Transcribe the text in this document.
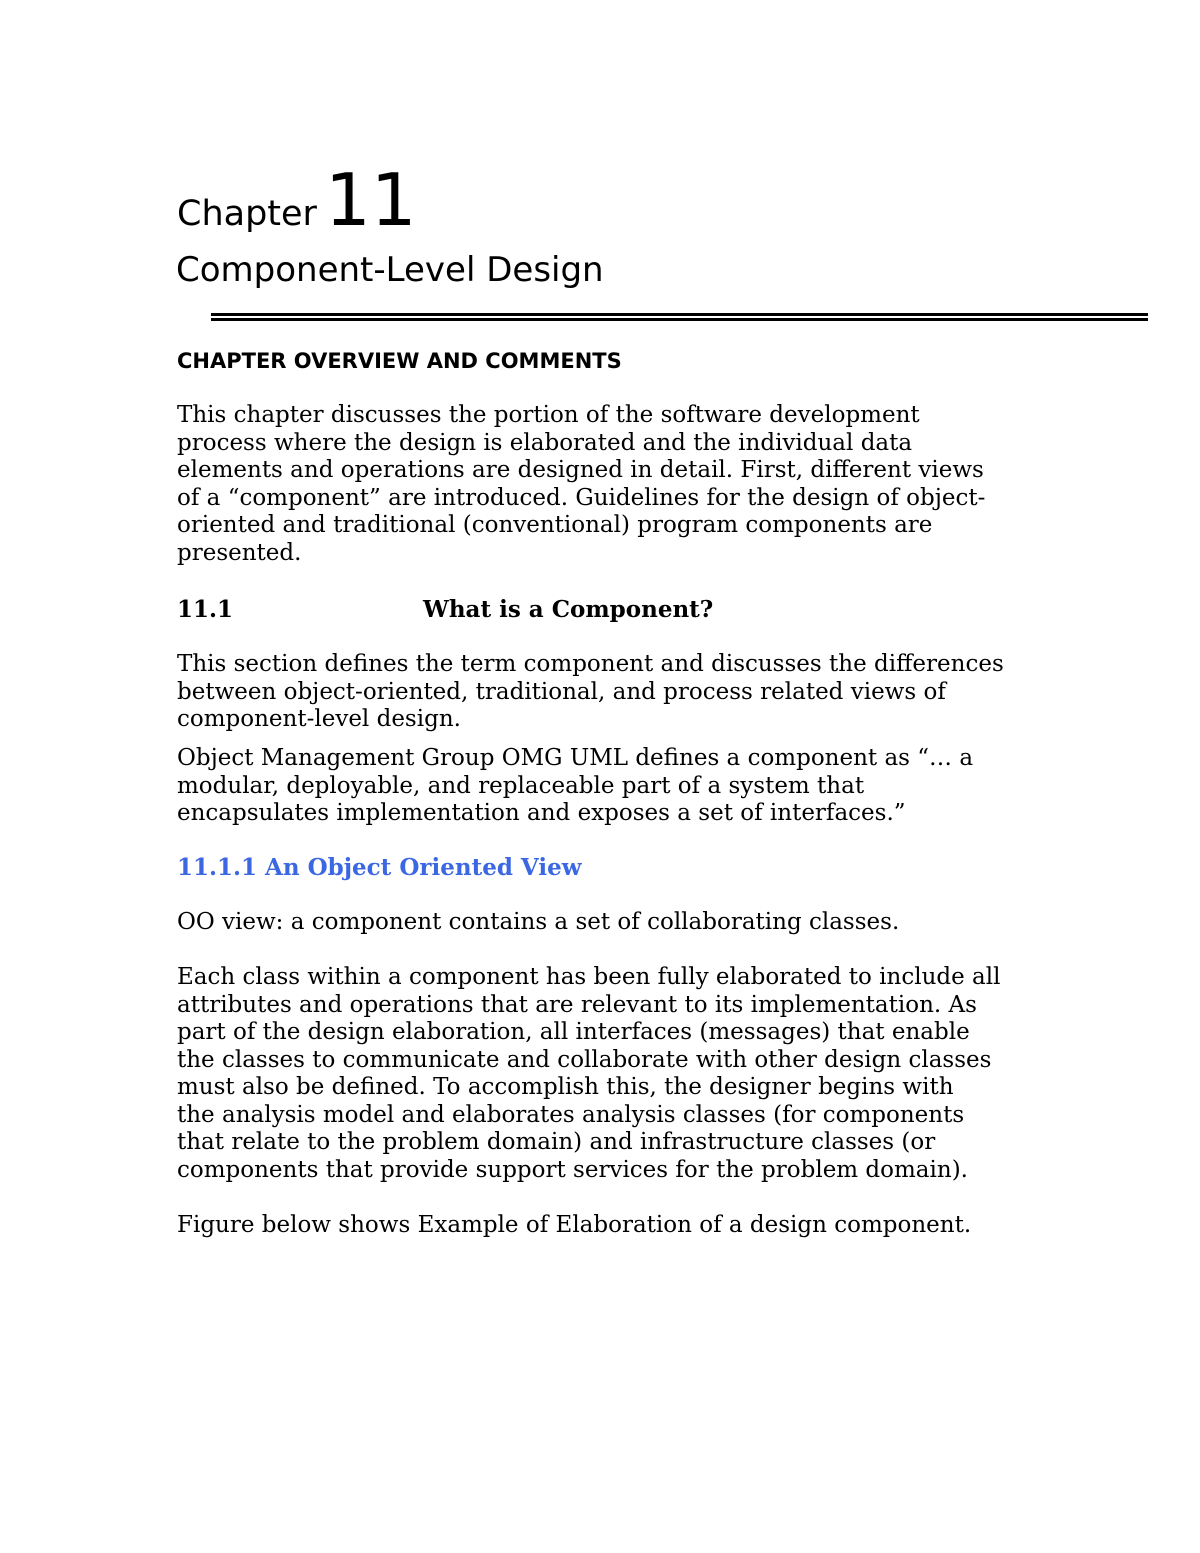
Chapter 11
Component-Level Design
CHAPTER OVERVIEW AND COMMENTS

This chapter discusses the portion of the software development
process where the design is elaborated and the individual data
elements and operations are designed in detail. First, different views
of a “component” are introduced. Guidelines for the design of object-
oriented and traditional (conventional) program components are
presented.

11.1	What is a Component?

This section defines the term component and discusses the differences
between object-oriented, traditional, and process related views of
component-level design.

Object Management Group OMG UML defines a component as “… a
modular, deployable, and replaceable part of a system that
encapsulates implementation and exposes a set of interfaces.”

11.1.1 An Object Oriented View

OO view: a component contains a set of collaborating classes.

Each class within a component has been fully elaborated to include all
attributes and operations that are relevant to its implementation. As
part of the design elaboration, all interfaces (messages) that enable
the classes to communicate and collaborate with other design classes
must also be defined. To accomplish this, the designer begins with
the analysis model and elaborates analysis classes (for components
that relate to the problem domain) and infrastructure classes (or
components that provide support services for the problem domain).

Figure below shows Example of Elaboration of a design component.
